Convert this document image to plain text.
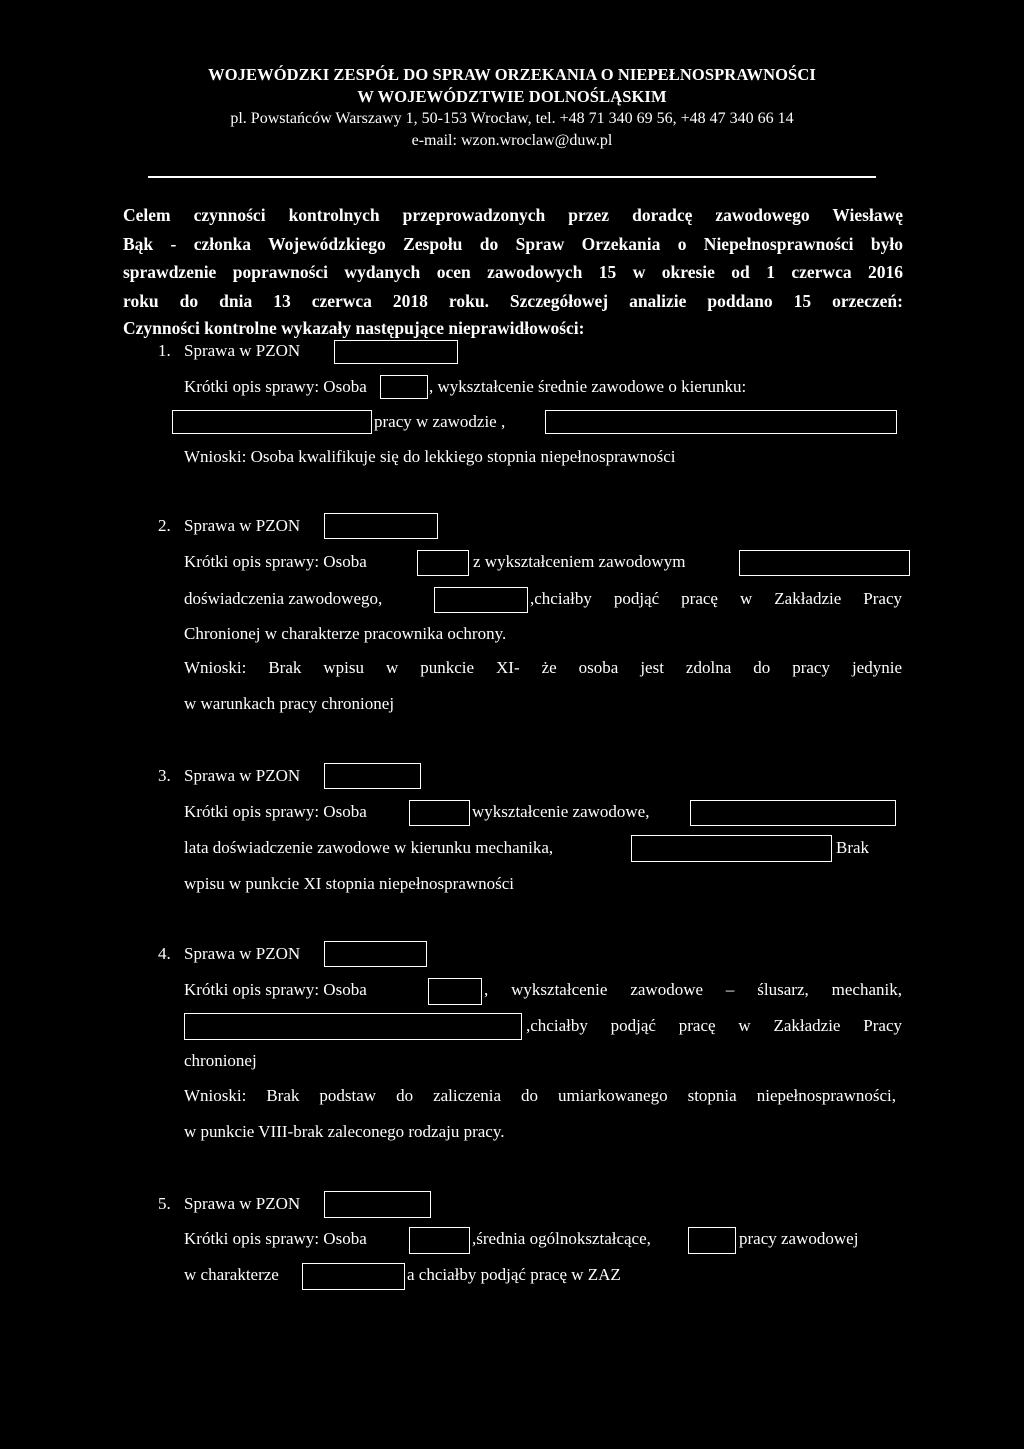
WOJEWÓDZKI ZESPÓŁ DO SPRAW ORZEKANIA O NIEPEŁNOSPRAWNOŚCI
W WOJEWÓDZTWIE DOLNOŚLĄSKIM
pl. Powstańców Warszawy 1, 50-153 Wrocław, tel. +48 71 340 69 56, +48 47 340 66 14
e-mail: wzon.wroclaw@duw.pl
Celem czynności kontrolnych przeprowadzonych przez doradcę zawodowego Wiesławę
Bąk - członka Wojewódzkiego Zespołu do Spraw Orzekania o Niepełnosprawności było
sprawdzenie poprawności wydanych ocen zawodowych 15 w okresie od 1 czerwca 2016
roku do dnia 13 czerwca 2018 roku. Szczegółowej analizie poddano 15 orzeczeń:
Czynności kontrolne wykazały następujące nieprawidłowości:
1. Sprawa w PZON
Krótki opis sprawy: Osoba	, wykształcenie średnie zawodowe o kierunku:
pracy w zawodzie ,
Wnioski: Osoba kwalifikuje się do lekkiego stopnia niepełnosprawności
2. Sprawa w PZON
Krótki opis sprawy: Osoba	z wykształceniem zawodowym
doświadczenia zawodowego,	,chciałby podjąć pracę w Zakładzie Pracy
Chronionej w charakterze pracownika ochrony.
Wnioski: Brak wpisu w punkcie XI- że osoba jest zdolna do pracy jedynie
w warunkach pracy chronionej
3. Sprawa w PZON
Krótki opis sprawy: Osoba	wykształcenie zawodowe,
lata doświadczenie zawodowe w kierunku mechanika,	Brak
wpisu w punkcie XI stopnia niepełnosprawności
4. Sprawa w PZON
Krótki opis sprawy: Osoba	, wykształcenie zawodowe – ślusarz, mechanik,
,chciałby podjąć pracę w Zakładzie Pracy
chronionej
Wnioski: Brak podstaw do zaliczenia do umiarkowanego stopnia niepełnosprawności,
w punkcie VIII-brak zaleconego rodzaju pracy.
5. Sprawa w PZON
Krótki opis sprawy: Osoba	,średnia ogólnokształcące,	pracy zawodowej
w charakterze	a chciałby podjąć pracę w ZAZ
